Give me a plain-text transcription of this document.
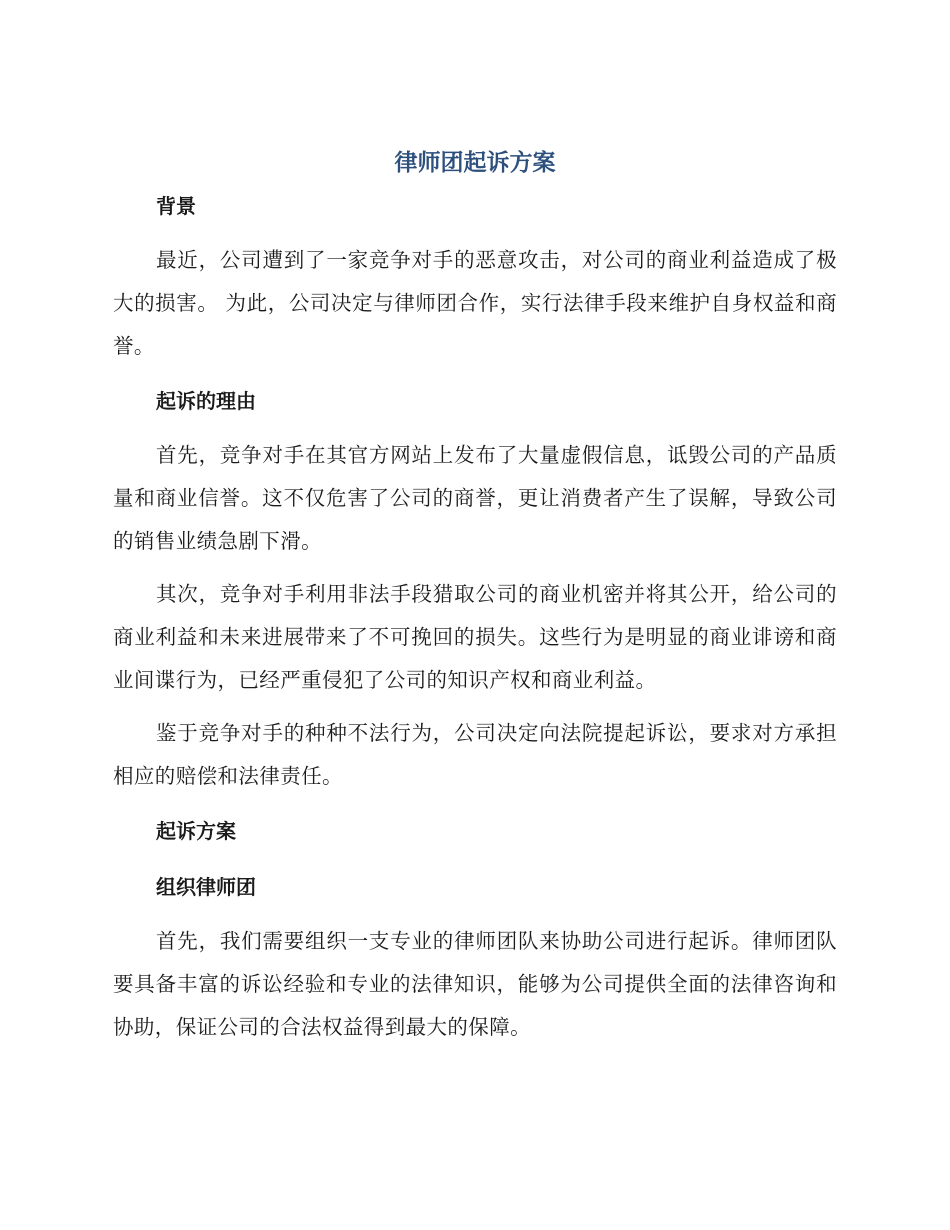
律师团起诉方案
背景

最近，公司遭到了一家竞争对手的恶意攻击，对公司的商业利益造成了极大的损害。 为此，公司决定与律师团合作，实行法律手段来维护自身权益和商誉。

起诉的理由

首先，竞争对手在其官方网站上发布了大量虚假信息，诋毁公司的产品质量和商业信誉。这不仅危害了公司的商誉，更让消费者产生了误解，导致公司的销售业绩急剧下滑。

其次，竞争对手利用非法手段猎取公司的商业机密并将其公开，给公司的商业利益和未来进展带来了不可挽回的损失。这些行为是明显的商业诽谤和商业间谍行为，已经严重侵犯了公司的知识产权和商业利益。

鉴于竞争对手的种种不法行为，公司决定向法院提起诉讼，要求对方承担相应的赔偿和法律责任。

起诉方案
组织律师团

首先，我们需要组织一支专业的律师团队来协助公司进行起诉。律师团队要具备丰富的诉讼经验和专业的法律知识，能够为公司提供全面的法律咨询和协助，保证公司的合法权益得到最大的保障。
